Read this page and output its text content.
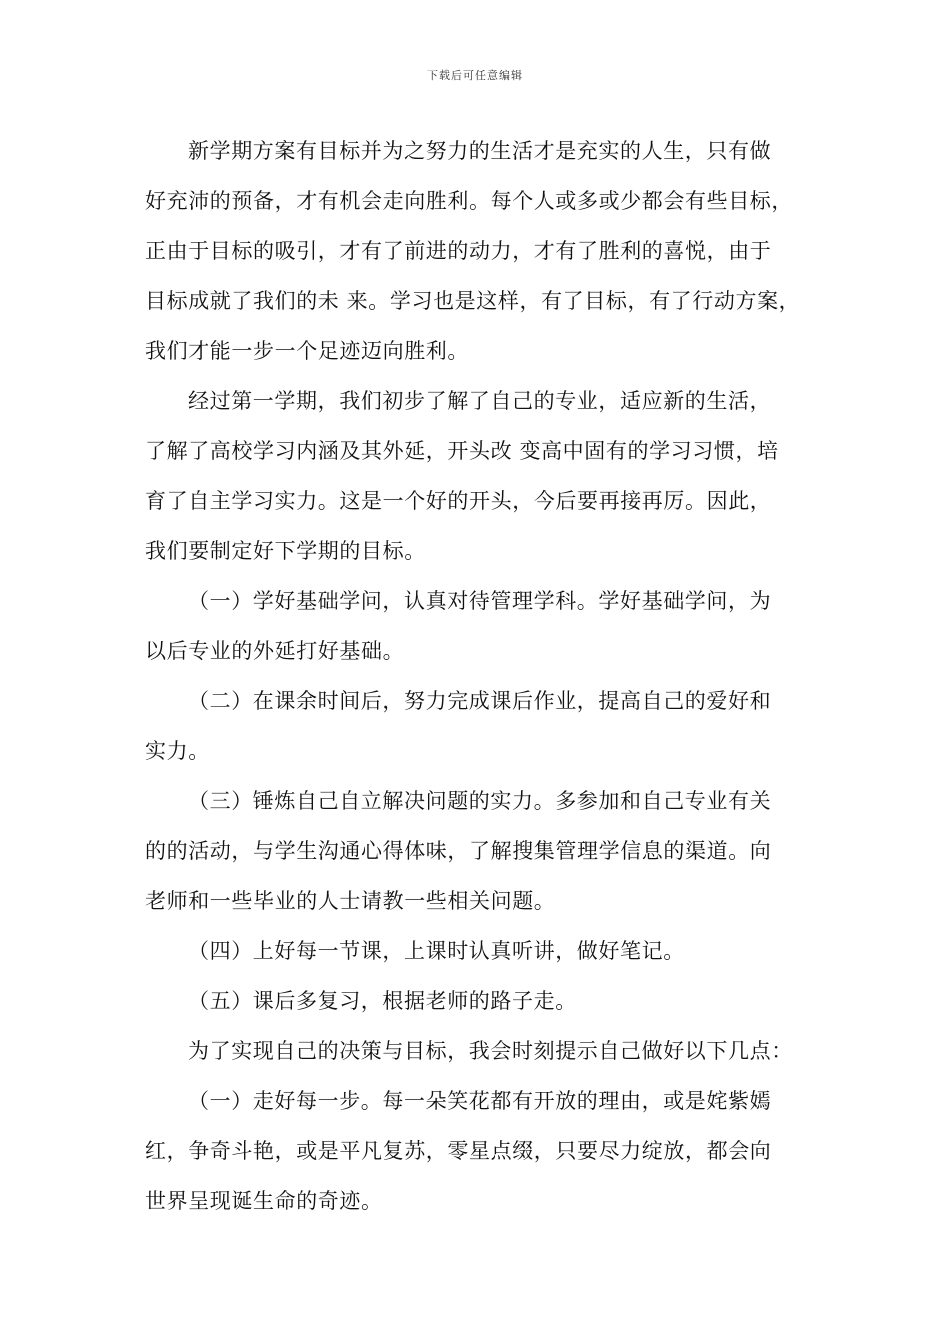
下载后可任意编辑
新学期方案有目标并为之努力的生活才是充实的人生，只有做
好充沛的预备，才有机会走向胜利。每个人或多或少都会有些目标，
正由于目标的吸引，才有了前进的动力，才有了胜利的喜悦，由于
目标成就了我们的未 来。学习也是这样，有了目标，有了行动方案，
我们才能一步一个足迹迈向胜利。
经过第一学期，我们初步了解了自己的专业，适应新的生活，
了解了高校学习内涵及其外延，开头改 变高中固有的学习习惯，培
育了自主学习实力。这是一个好的开头，今后要再接再厉。因此，
我们要制定好下学期的目标。
（一）学好基础学问，认真对待管理学科。学好基础学问，为
以后专业的外延打好基础。
（二）在课余时间后，努力完成课后作业，提高自己的爱好和
实力。
（三）锤炼自己自立解决问题的实力。多参加和自己专业有关
的的活动，与学生沟通心得体味，了解搜集管理学信息的渠道。向
老师和一些毕业的人士请教一些相关问题。
（四）上好每一节课，上课时认真听讲，做好笔记。
（五）课后多复习，根据老师的路子走。
为了实现自己的决策与目标，我会时刻提示自己做好以下几点：
（一）走好每一步。每一朵笑花都有开放的理由，或是姹紫嫣
红，争奇斗艳，或是平凡复苏，零星点缀，只要尽力绽放，都会向
世界呈现诞生命的奇迹。
